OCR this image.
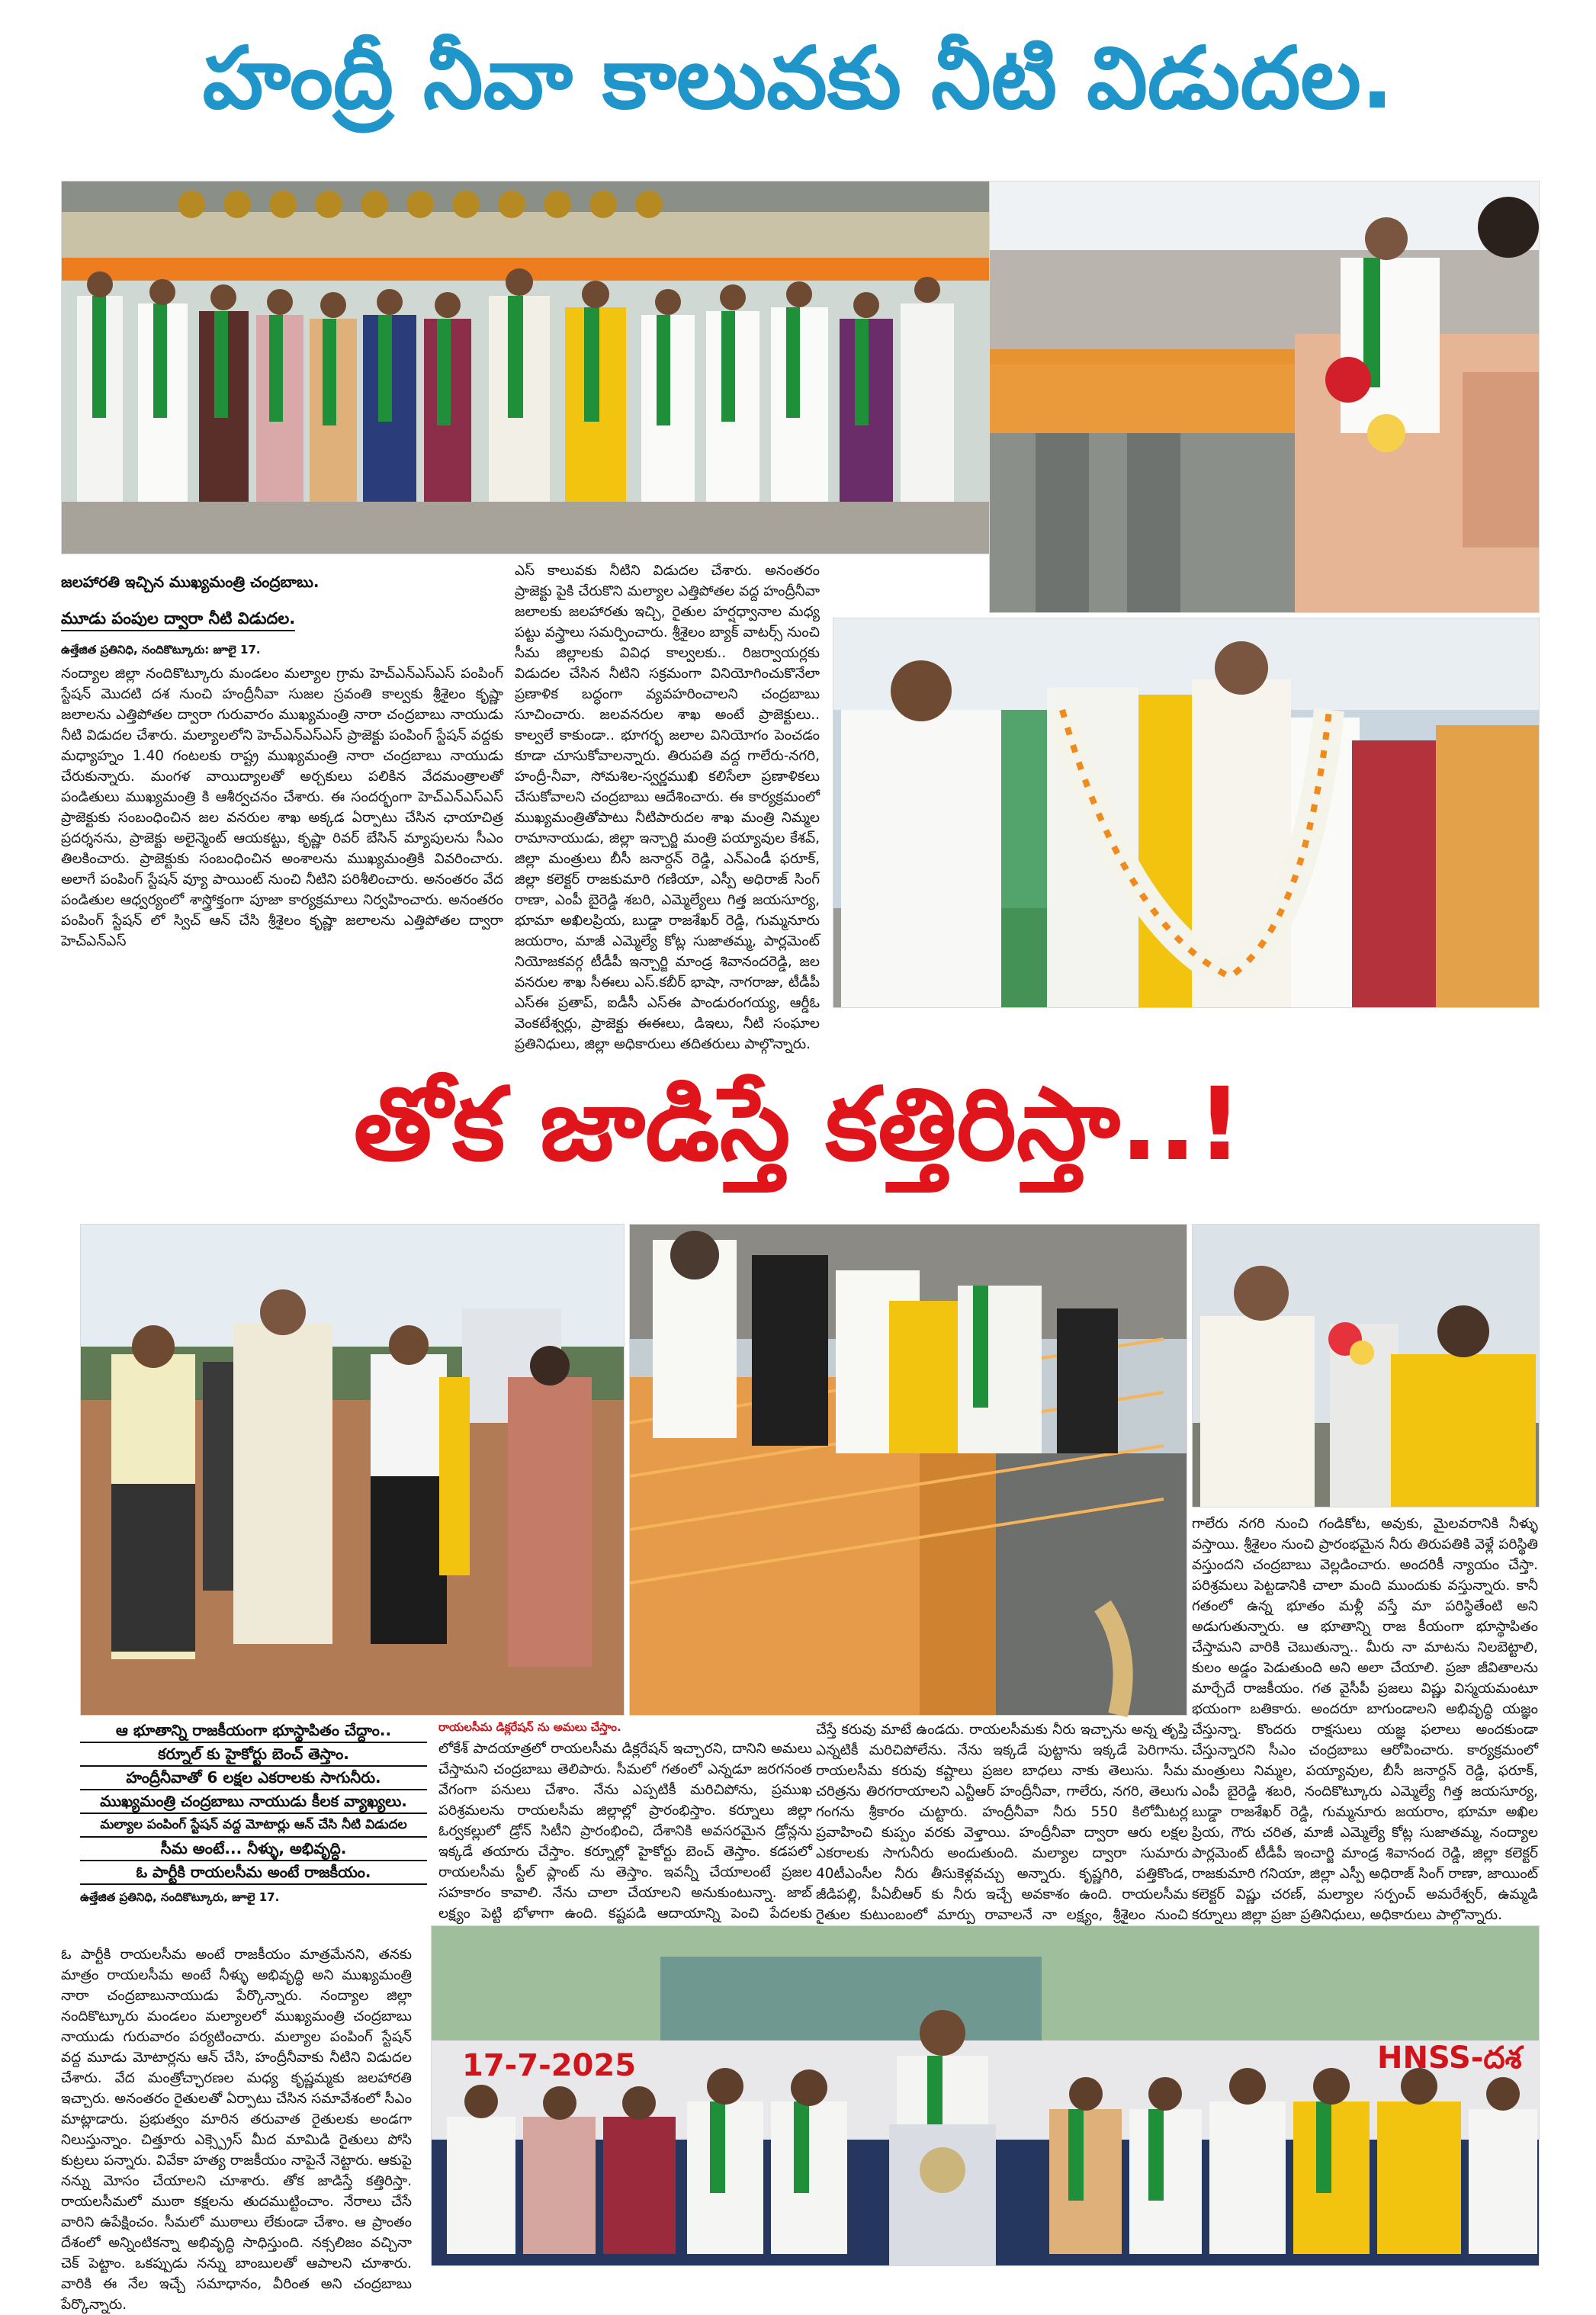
హంద్రీ నీవా కాలువకు నీటి విడుదల.
జలహారతి ఇచ్చిన ముఖ్యమంత్రి చంద్రబాబు.
మూడు పంపుల ద్వారా నీటి విడుదల.
ఉత్తేజిత ప్రతినిధి, నందికొట్కూరు: జూలై 17.

నంద్యాల జిల్లా నందికొట్కూరు మండలం మల్యాల గ్రామ హెచ్ఎన్ఎస్ఎస్ పంపింగ్ స్టేషన్ మొదటి దశ నుంచి హంద్రీనీవా సుజల స్రవంతి కాల్వకు శ్రీశైలం కృష్ణా జలాలను ఎత్తిపోతల ద్వారా గురువారం ముఖ్యమంత్రి నారా చంద్రబాబు నాయుడు నీటి విడుదల చేశారు. మల్యాలలోని హెచ్ఎన్ఎస్ఎస్ ప్రాజెక్టు పంపింగ్ స్టేషన్ వద్దకు మధ్యాహ్నం 1.40 గంటలకు రాష్ట్ర ముఖ్యమంత్రి నారా చంద్రబాబు నాయుడు చేరుకున్నారు. మంగళ వాయిద్యాలతో అర్చకులు పలికిన వేదమంత్రాలతో పండితులు ముఖ్యమంత్రి కి ఆశీర్వచనం చేశారు. ఈ సందర్భంగా హెచ్ఎన్ఎస్ఎస్ ప్రాజెక్టుకు సంబంధించిన జల వనరుల శాఖ అక్కడ ఏర్పాటు చేసిన ఛాయాచిత్ర ప్రదర్శనను, ప్రాజెక్టు అలైన్మెంట్ ఆయకట్టు, కృష్ణా రివర్ బేసిన్ మ్యాపులను సీఎం తిలకించారు. ప్రాజెక్టుకు సంబంధించిన అంశాలను ముఖ్యమంత్రికి వివరించారు. అలాగే పంపింగ్ స్టేషన్ వ్యూ పాయింట్ నుంచి నీటిని పరిశీలించారు. అనంతరం వేద పండితుల ఆధ్వర్యంలో శాస్త్రోక్తంగా పూజా కార్యక్రమాలు నిర్వహించారు. అనంతరం పంపింగ్ స్టేషన్ లో స్విచ్ ఆన్ చేసి శ్రీశైలం కృష్ణా జలాలను ఎత్తిపోతల ద్వారా హెచ్ఎన్ఎస్

ఎస్ కాలువకు నీటిని విడుదల చేశారు. అనంతరం ప్రాజెక్టు పైకి చేరుకొని మల్యాల ఎత్తిపోతల వద్ద హంద్రీనీవా జలాలకు జలహారతు ఇచ్చి, రైతుల హర్షధ్వానాల మధ్య పట్టు వస్త్రాలు సమర్పించారు. శ్రీశైలం బ్యాక్ వాటర్స్ నుంచి సీమ జిల్లాలకు వివిధ కాల్వలకు.. రిజర్వాయర్లకు విడుదల చేసిన నీటిని సక్రమంగా వినియోగించుకొనేలా ప్రణాళిక బద్ధంగా వ్యవహరించాలని చంద్రబాబు సూచించారు. జలవనరుల శాఖ అంటే ప్రాజెక్టులు.. కాల్వలే కాకుండా.. భూగర్భ జలాల వినియోగం పెంచడం కూడా చూసుకోవాలన్నారు. తిరుపతి వద్ద గాలేరు-నగరి, హంద్రీ-నీవా, సోమశిల-స్వర్ణముఖి కలిసేలా ప్రణాళికలు చేసుకోవాలని చంద్రబాబు ఆదేశించారు. ఈ కార్యక్రమంలో ముఖ్యమంత్రితోపాటు నీటిపారుదల శాఖ మంత్రి నిమ్మల రామానాయుడు, జిల్లా ఇన్చార్జి మంత్రి పయ్యావుల కేశవ్, జిల్లా మంత్రులు బీసీ జనార్దన్ రెడ్డి, ఎన్ఎండీ ఫరూక్, జిల్లా కలెక్టర్ రాజకుమారి గణియా, ఎస్పీ అధిరాజ్ సింగ్ రాణా, ఎంపీ బైరెడ్డి శబరి, ఎమ్మెల్యేలు గిత్త జయసూర్య, భూమా అఖిలప్రియ, బుడ్డా రాజశేఖర్ రెడ్డి, గుమ్మనూరు జయరాం, మాజీ ఎమ్మెల్యే కోట్ల సుజాతమ్మ, పార్లమెంట్ నియోజకవర్గ టీడీపీ ఇన్చార్జి మాండ్ర శివానందరెడ్డి, జల వనరుల శాఖ సీఈలు ఎస్.కబీర్ భాషా, నాగరాజు, టీడీపీ ఎస్ఈ ప్రతాప్, ఐడీసీ ఎస్ఈ పాండురంగయ్య, ఆర్డీఓ వెంకటేశ్వర్లు, ప్రాజెక్టు ఈఈలు, డిఇలు, నీటి సంఘాల ప్రతినిధులు, జిల్లా అధికారులు తదితరులు పాల్గొన్నారు.

తోక జాడిస్తే కత్తిరిస్తా..!
ఆ భూతాన్ని రాజకీయంగా భూస్థాపితం చేద్దాం..
కర్నూల్ కు హైకోర్టు బెంచ్ తెస్తాం.
హంద్రీనీవాతో 6 లక్షల ఎకరాలకు సాగునీరు.
ముఖ్యమంత్రి చంద్రబాబు నాయుడు కీలక వ్యాఖ్యలు.
మల్యాల పంపింగ్ స్టేషన్ వద్ద మోటార్లు ఆన్ చేసి నీటి విడుదల
సీమ అంటే... నీళ్ళు, అభివృద్ధి.
ఓ పార్టీకి రాయలసీమ అంటే రాజకీయం.
ఉత్తేజిత ప్రతినిధి, నందికొట్కూరు, జూలై 17.

ఓ పార్టీకి రాయలసీమ అంటే రాజకీయం మాత్రమేనని, తనకు మాత్రం రాయలసీమ అంటే నీళ్ళు అభివృద్ధి అని ముఖ్యమంత్రి నారా చంద్రబాబునాయుడు పేర్కొన్నారు. నంద్యాల జిల్లా నందికొట్కూరు మండలం మల్యాలలో ముఖ్యమంత్రి చంద్రబాబు నాయుడు గురువారం పర్యటించారు. మల్యాల పంపింగ్ స్టేషన్ వద్ద మూడు మోటార్లను ఆన్ చేసి, హంద్రీనీవాకు నీటిని విడుదల చేశారు. వేద మంత్రోచ్ఛారణల మధ్య కృష్ణమ్మకు జలహారతి ఇచ్చారు. అనంతరం రైతులతో ఏర్పాటు చేసిన సమావేశంలో సీఎం మాట్లాడారు. ప్రభుత్వం మారిన తరువాత రైతులకు అండగా నిలుస్తున్నాం. చిత్తూరు ఎక్స్ప్రెస్ మీద మామిడి రైతులు పోసి కుట్రలు పన్నారు. వివేకా హత్య రాజకీయం నాపైనే నెట్టారు. ఆకుపై నన్ను మోసం చేయాలని చూశారు. తోక జాడిస్తే కత్తిరిస్తా. రాయలసీమలో ముఠా కక్షలను తుదముట్టించాం. నేరాలు చేసే వారిని ఉపేక్షించం. సీమలో ముఠాలు లేకుండా చేశాం. ఆ ప్రాంతం దేశంలో అన్నింటికన్నా అభివృద్ధి సాధిస్తుంది. నక్సలిజం వచ్చినా చెక్ పెట్టాం. ఒకప్పుడు నన్ను బాంబులతో ఆపాలని చూశారు. వారికి ఈ నేల ఇచ్చే సమాధానం, వీరింత అని చంద్రబాబు పేర్కొన్నారు.

రాయలసీమ డిక్లరేషన్ ను అమలు చేస్తాం.

లోకేశ్ పాదయాత్రలో రాయలసీమ డిక్లరేషన్ ఇచ్చారని, దానిని అమలు చేస్తామని చంద్రబాబు తెలిపారు. సీమలో గతంలో ఎన్నడూ జరగనంత వేగంగా పనులు చేశాం. నేను ఎప్పటికీ మరిచిపోను, ప్రముఖ పరిశ్రమలను రాయలసీమ జిల్లాల్లో ప్రారంభిస్తాం. కర్నూలు జిల్లా ఓర్వకల్లులో డ్రోన్ సిటీని ప్రారంభించి, దేశానికి అవసరమైన డ్రోన్లను ఇక్కడే తయారు చేస్తాం. కర్నూల్లో హైకోర్టు బెంచ్ తెస్తాం. కడపలో రాయలసీమ స్టీల్ ప్లాంట్ ను తెస్తాం. ఇవన్నీ చేయాలంటే ప్రజల సహకారం కావాలి. నేను చాలా చేయాలని అనుకుంటున్నా. జాబ్ లక్ష్యం పెట్టి భోళాగా ఉంది. కష్టపడి ఆదాయాన్ని పెంచి పేదలకు

చేస్తే కరువు మాటే ఉండదు. రాయలసీమకు నీరు ఇచ్చాను అన్న తృప్తి ఎన్నటికీ మరిచిపోలేను. నేను ఇక్కడే పుట్టాను ఇక్కడే పెరిగాను. రాయలసీమ కరువు కష్టాలు ప్రజల బాధలు నాకు తెలుసు. సీమ చరిత్రను తిరగరాయాలని ఎన్టీఆర్ హంద్రీనీవా, గాలేరు, నగరి, తెలుగు గంగను శ్రీకారం చుట్టారు. హంద్రీనీవా నీరు 550 కిలోమీటర్ల ప్రవాహించి కుప్పం వరకు వెళ్తాయి. హంద్రీనీవా ద్వారా ఆరు లక్షల ఎకరాలకు సాగునీరు అందుతుంది. మల్యాల ద్వారా సుమారు 40టీఎంసీల నీరు తీసుకెళ్లవచ్చు అన్నారు. కృష్ణగిరి, పత్తికొండ, జీడిపల్లి, పీఏబీఆర్ కు నీరు ఇచ్చే అవకాశం ఉంది. రాయలసీమ రైతుల కుటుంబంలో మార్పు రావాలనే నా లక్ష్యం, శ్రీశైలం నుంచి

గాలేరు నగరి నుంచి గండికోట, అవుకు, మైలవరానికి నీళ్ళు వస్తాయి. శ్రీశైలం నుంచి ప్రారంభమైన నీరు తిరుపతికి వెళ్లే పరిస్థితి వస్తుందని చంద్రబాబు వెల్లడించారు. అందరికీ న్యాయం చేస్తా. పరిశ్రమలు పెట్టడానికి చాలా మంది ముందుకు వస్తున్నారు. కానీ గతంలో ఉన్న భూతం మళ్లీ వస్తే మా పరిస్థితేంటి అని అడుగుతున్నారు. ఆ భూతాన్ని రాజ కీయంగా భూస్థాపితం చేస్తామని వారికి చెబుతున్నా.. మీరు నా మాటను నిలబెట్టాలి, కులం అడ్డం పెడుతుంది అని అలా చేయాలి. ప్రజా జీవితాలను మార్చేదే రాజకీయం. గత వైసీపీ ప్రజలు విష్ణు విస్మయమంటూ భయంగా బతికారు. అందరూ బాగుండాలని అభివృద్ధి యజ్ఞం చేస్తున్నా. కొందరు రాక్షసులు యజ్ఞ ఫలాలు అందకుండా చేస్తున్నారని సీఎం చంద్రబాబు ఆరోపించారు. కార్యక్రమంలో మంత్రులు నిమ్మల, పయ్యావుల, బీసీ జనార్దన్ రెడ్డి, ఫరూక్, ఎంపీ బైరెడ్డి శబరి, నందికొట్కూరు ఎమ్మెల్యే గిత్త జయసూర్య, బుడ్డా రాజశేఖర్ రెడ్డి, గుమ్మనూరు జయరాం, భూమా అఖిల ప్రియ, గౌరు చరిత, మాజీ ఎమ్మెల్యే కోట్ల సుజాతమ్మ, నంద్యాల పార్లమెంట్ టీడీపీ ఇంచార్జి మాండ్ర శివానంద రెడ్డి, జిల్లా కలెక్టర్ రాజకుమారి గనియా, జిల్లా ఎస్పీ అధిరాజ్ సింగ్ రాణా, జాయింట్ కలెక్టర్ విష్ణు చరణ్, మల్యాల సర్పంచ్ అమరేశ్వర్, ఉమ్మడి కర్నూలు జిల్లా ప్రజా ప్రతినిధులు, అధికారులు పాల్గొన్నారు.

17-7-2025	HNSS-దశ
